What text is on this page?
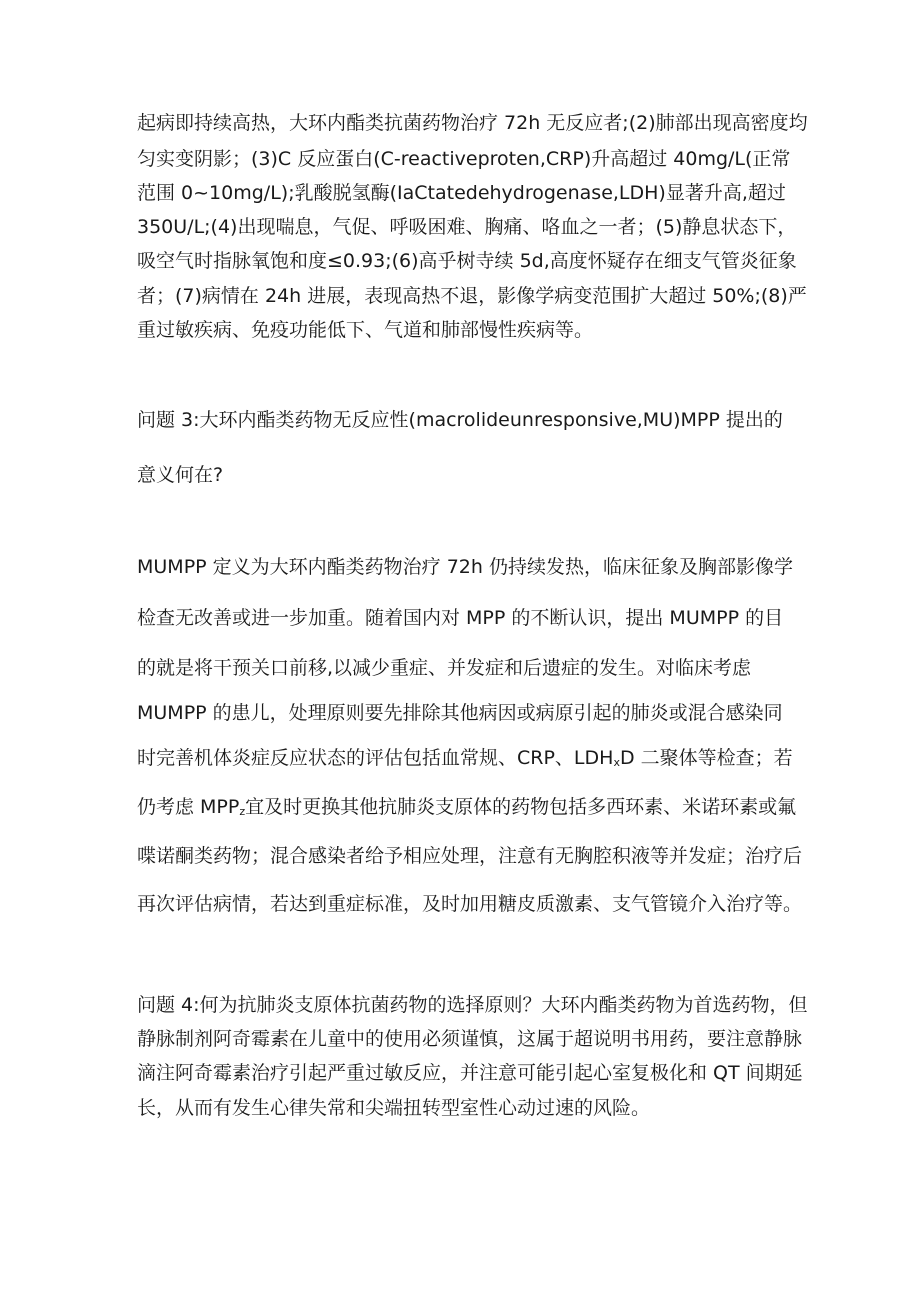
起病即持续高热，大环内酯类抗菌药物治疗 72h 无反应者;(2)肺部出现高密度均
匀实变阴影；(3)C 反应蛋白(C-reactiveproten,CRP)升高超过 40mg/L(正常
范围 0~10mg/L);乳酸脱氢酶(IaCtatedehydrogenase,LDH)显著升高,超过
350U/L;(4)出现喘息，气促、呼吸困难、胸痛、咯血之一者；(5)静息状态下，
吸空气时指脉氧饱和度≤0.93;(6)高乎树寺续 5d,高度怀疑存在细支气管炎征象
者；(7)病情在 24h 进展，表现高热不退，影像学病变范围扩大超过 50%;(8)严
重过敏疾病、免疫功能低下、气道和肺部慢性疾病等。
问题 3:大环内酯类药物无反应性(macrolideunresponsive,MU)MPP 提出的
意义何在?
MUMPP 定义为大环内酯类药物治疗 72h 仍持续发热，临床征象及胸部影像学
检查无改善或进一步加重。随着国内对 MPP 的不断认识，提出 MUMPP 的目
的就是将干预关口前移,以减少重症、并发症和后遗症的发生。对临床考虑
MUMPP 的患儿，处理原则要先排除其他病因或病原引起的肺炎或混合感染同
时完善机体炎症反应状态的评估包括血常规、CRP、$LDH_xD$ 二聚体等检查；若
仍考虑 $MPP_z$宜及时更换其他抗肺炎支原体的药物包括多西环素、米诺环素或氟
喋诺酮类药物；混合感染者给予相应处理，注意有无胸腔积液等并发症；治疗后
再次评估病情，若达到重症标准，及时加用糖皮质激素、支气管镜介入治疗等。
问题 4:何为抗肺炎支原体抗菌药物的选择原则？大环内酯类药物为首选药物，但
静脉制剂阿奇霉素在儿童中的使用必须谨慎，这属于超说明书用药，要注意静脉
滴注阿奇霉素治疗引起严重过敏反应，并注意可能引起心室复极化和 QT 间期延
长，从而有发生心律失常和尖端扭转型室性心动过速的风险。
